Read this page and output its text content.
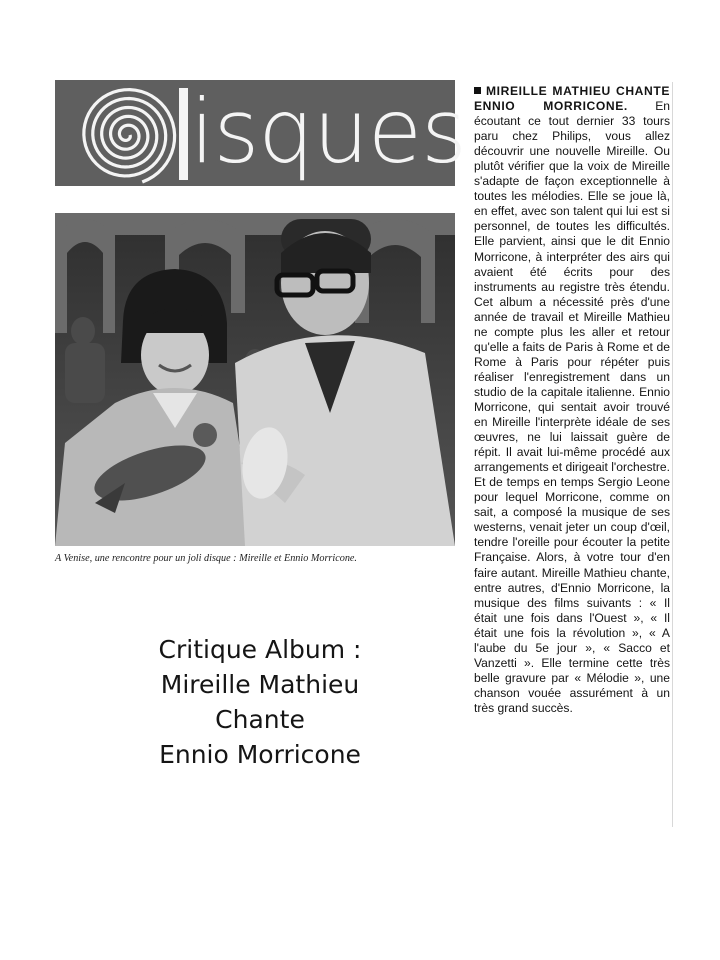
isques
A Venise, une rencontre pour un joli disque : Mireille et Ennio Morricone.
Critique Album :
Mireille Mathieu
Chante
Ennio Morricone
MIREILLE MATHIEU CHANTE ENNIO MORRICONE. En écoutant ce tout dernier 33 tours paru chez Philips, vous allez découvrir une nouvelle Mireille. Ou plutôt vérifier que la voix de Mireille s'adapte de façon exceptionnelle à toutes les mélodies. Elle se joue là, en effet, avec son talent qui lui est si personnel, de toutes les difficultés. Elle parvient, ainsi que le dit Ennio Morricone, à interpréter des airs qui avaient été écrits pour des instruments au registre très étendu. Cet album a nécessité près d'une année de travail et Mireille Mathieu ne compte plus les aller et retour qu'elle a faits de Paris à Rome et de Rome à Paris pour répéter puis réaliser l'enregistrement dans un studio de la capitale italienne. Ennio Morricone, qui sentait avoir trouvé en Mireille l'interprète idéale de ses œuvres, ne lui laissait guère de répit. Il avait lui-même procédé aux arrangements et dirigeait l'orchestre. Et de temps en temps Sergio Leone pour lequel Morricone, comme on sait, a composé la musique de ses westerns, venait jeter un coup d'œil, tendre l'oreille pour écouter la petite Française. Alors, à votre tour d'en faire autant. Mireille Mathieu chante, entre autres, d'Ennio Morricone, la musique des films suivants : « Il était une fois dans l'Ouest », « Il était une fois la révolution », « A l'aube du 5e jour », « Sacco et Vanzetti ». Elle termine cette très belle gravure par « Mélodie », une chanson vouée assurément à un très grand succès.
